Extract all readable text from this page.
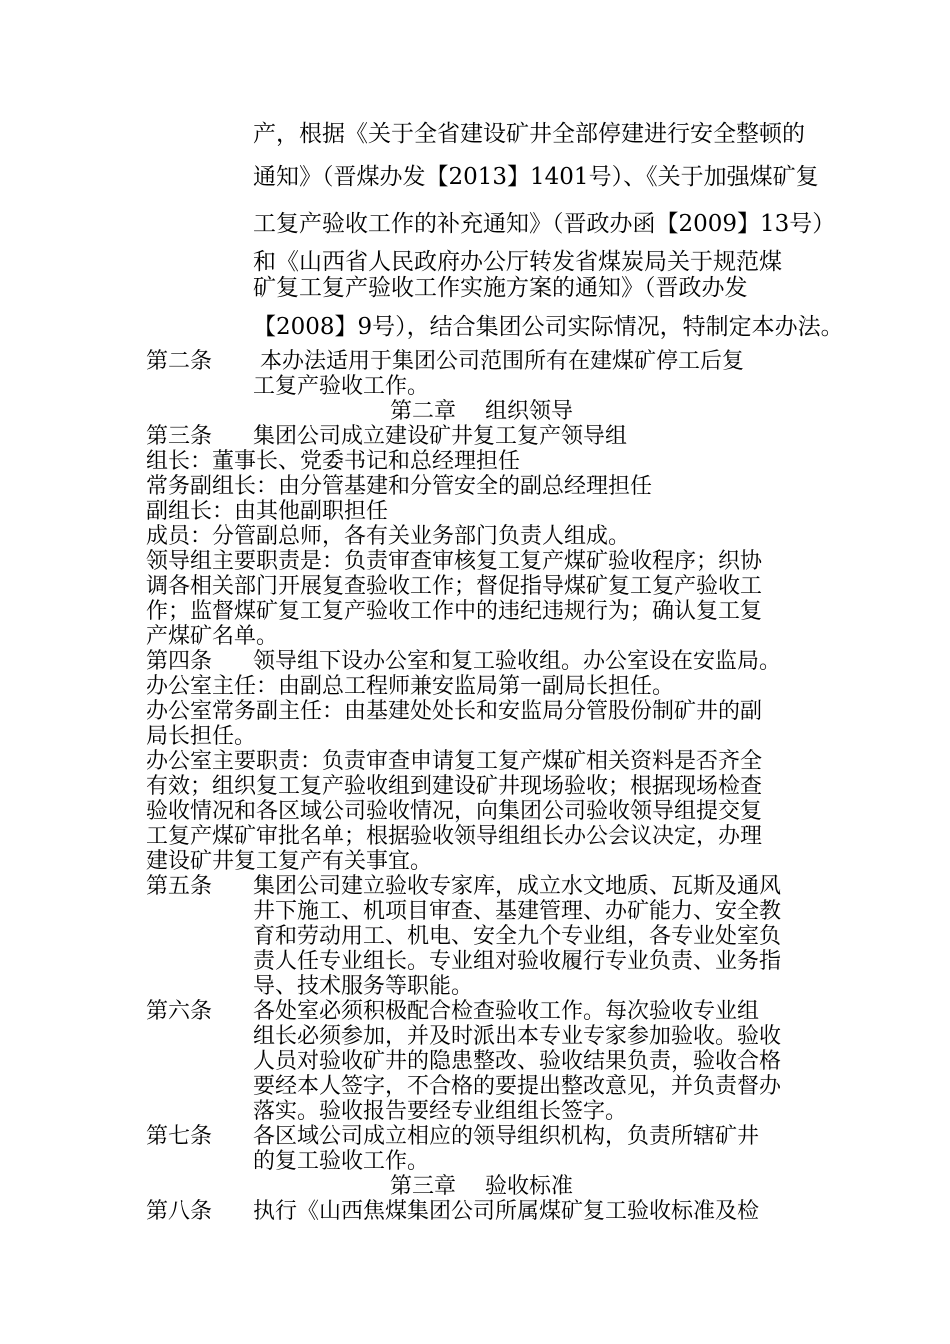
产，根据《关于全省建设矿井全部停建进行安全整顿的
通知》（晋煤办发【2013】1401号）、《关于加强煤矿复
工复产验收工作的补充通知》（晋政办函【2009】13号）
和《山西省人民政府办公厅转发省煤炭局关于规范煤
矿复工复产验收工作实施方案的通知》（晋政办发
【2008】9号），结合集团公司实际情况，特制定本办法。
第二条 本办法适用于集团公司范围所有在建煤矿停工后复
工复产验收工作。
第二章　 组织领导
第三条 集团公司成立建设矿井复工复产领导组
组长：董事长、党委书记和总经理担任
常务副组长：由分管基建和分管安全的副总经理担任
副组长：由其他副职担任
成员：分管副总师，各有关业务部门负责人组成。
领导组主要职责是：负责审查审核复工复产煤矿验收程序；织协
调各相关部门开展复查验收工作；督促指导煤矿复工复产验收工
作；监督煤矿复工复产验收工作中的违纪违规行为；确认复工复
产煤矿名单。
第四条 领导组下设办公室和复工验收组。办公室设在安监局。
办公室主任：由副总工程师兼安监局第一副局长担任。
办公室常务副主任：由基建处处长和安监局分管股份制矿井的副
局长担任。
办公室主要职责：负责审查申请复工复产煤矿相关资料是否齐全
有效；组织复工复产验收组到建设矿井现场验收；根据现场检查
验收情况和各区域公司验收情况，向集团公司验收领导组提交复
工复产煤矿审批名单；根据验收领导组组长办公会议决定，办理
建设矿井复工复产有关事宜。
第五条 集团公司建立验收专家库，成立水文地质、瓦斯及通风
井下施工、机项目审查、基建管理、办矿能力、安全教
育和劳动用工、机电、安全九个专业组，各专业处室负
责人任专业组长。专业组对验收履行专业负责、业务指
导、技术服务等职能。
第六条 各处室必须积极配合检查验收工作。每次验收专业组
组长必须参加，并及时派出本专业专家参加验收。验收
人员对验收矿井的隐患整改、验收结果负责，验收合格
要经本人签字，不合格的要提出整改意见，并负责督办
落实。验收报告要经专业组组长签字。
第七条 各区域公司成立相应的领导组织机构，负责所辖矿井
的复工验收工作。
第三章　 验收标准
第八条 执行《山西焦煤集团公司所属煤矿复工验收标准及检
